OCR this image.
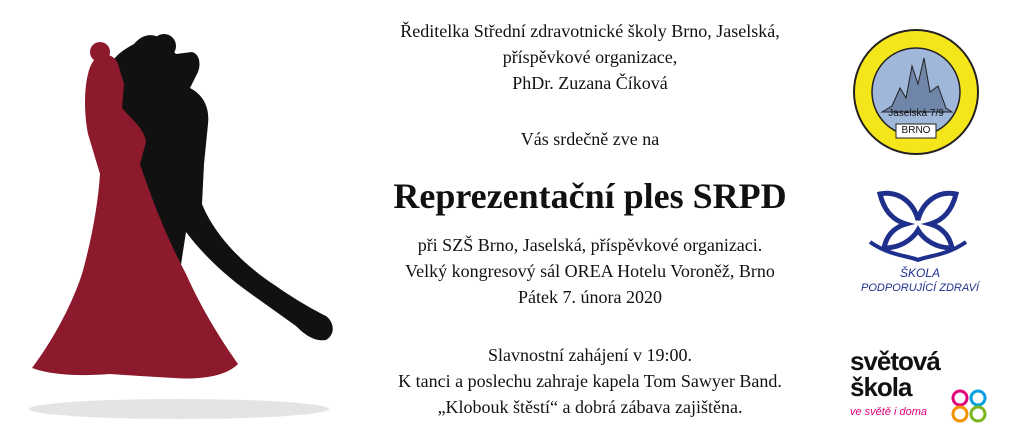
Ředitelka Střední zdravotnické školy Brno, Jaselská,
příspěvkové organizace,
PhDr. Zuzana Číková
Vás srdečně zve na
Reprezentační ples SRPD
při SZŠ Brno, Jaselská, příspěvkové organizaci.
Velký kongresový sál OREA Hotelu Voroněž, Brno
Pátek 7. února 2020
Slavnostní zahájení v 19:00.
K tanci a poslechu zahraje kapela Tom Sawyer Band.
„Klobouk štěstí“ a dobrá zábava zajištěna.
Jaselská 7/9
BRNO
ŠKOLA
PODPORUJÍCÍ ZDRAVÍ
světová
škola
ve světě i doma
